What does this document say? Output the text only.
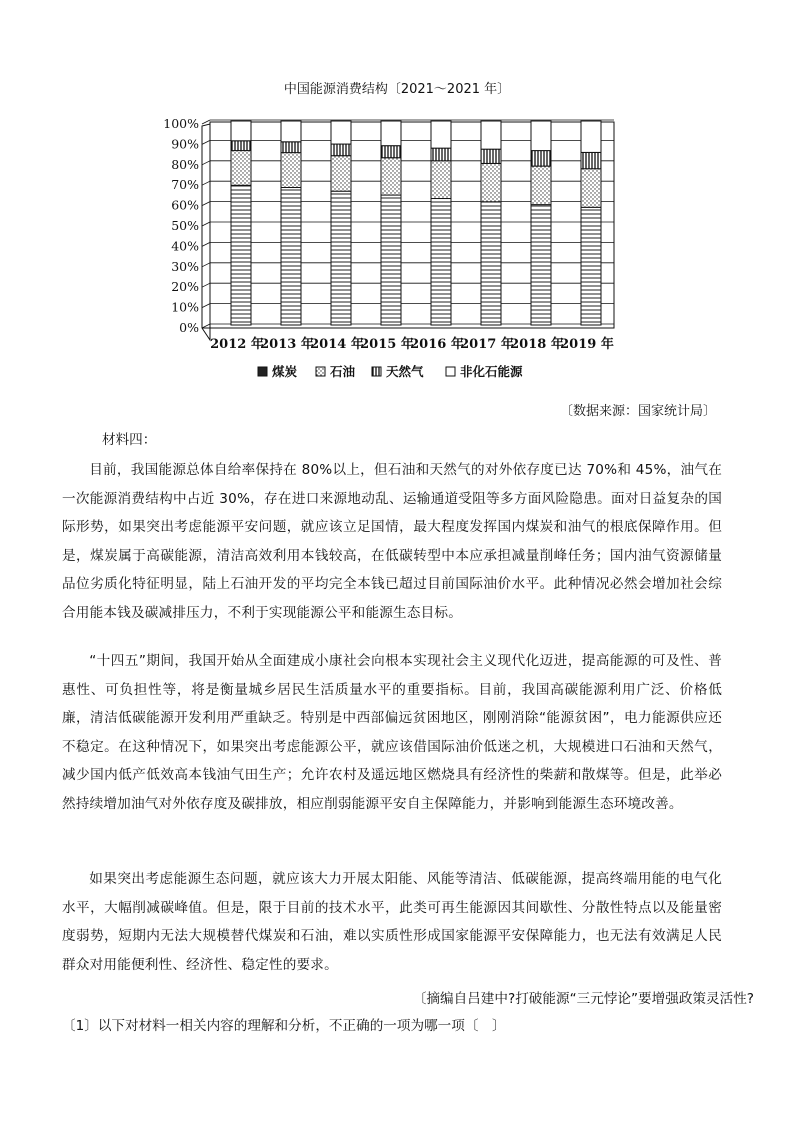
中国能源消费结构〔2021～2021 年〕
0%
10%
20%
30%
40%
50%
60%
70%
80%
90%
100%
2012 年
2013 年
2014 年
2015 年
2016 年
2017 年
2018 年
2019 年
煤炭	石油 天然气	非化石能源
〔数据来源：国家统计局〕
材料四：
目前，我国能源总体自给率保持在 80%以上，但石油和天然气的对外依存度已达 70%和 45%，油气在一次能源消费结构中占近 30%，存在进口来源地动乱、运输通道受阻等多方面风险隐患。面对日益复杂的国际形势，如果突出考虑能源平安问题，就应该立足国情，最大程度发挥国内煤炭和油气的根底保障作用。但是，煤炭属于高碳能源，清洁高效利用本钱较高，在低碳转型中本应承担减量削峰任务；国内油气资源储量品位劣质化特征明显，陆上石油开发的平均完全本钱已超过目前国际油价水平。此种情况必然会增加社会综合用能本钱及碳减排压力，不利于实现能源公平和能源生态目标。
“十四五”期间，我国开始从全面建成小康社会向根本实现社会主义现代化迈进，提高能源的可及性、普惠性、可负担性等，将是衡量城乡居民生活质量水平的重要指标。目前，我国高碳能源利用广泛、价格低廉，清洁低碳能源开发利用严重缺乏。特别是中西部偏远贫困地区，刚刚消除“能源贫困”，电力能源供应还不稳定。在这种情况下，如果突出考虑能源公平，就应该借国际油价低迷之机，大规模进口石油和天然气，减少国内低产低效高本钱油气田生产；允许农村及遥远地区燃烧具有经济性的柴薪和散煤等。但是，此举必然持续增加油气对外依存度及碳排放，相应削弱能源平安自主保障能力，并影响到能源生态环境改善。
如果突出考虑能源生态问题，就应该大力开展太阳能、风能等清洁、低碳能源，提高终端用能的电气化水平，大幅削减碳峰值。但是，限于目前的技术水平，此类可再生能源因其间歇性、分散性特点以及能量密度弱势，短期内无法大规模替代煤炭和石油，难以实质性形成国家能源平安保障能力，也无法有效满足人民群众对用能便利性、经济性、稳定性的要求。
〔摘编自吕建中?打破能源“三元悖论”要增强政策灵活性?
〔1〕以下对材料一相关内容的理解和分析，不正确的一项为哪一项〔　〕
